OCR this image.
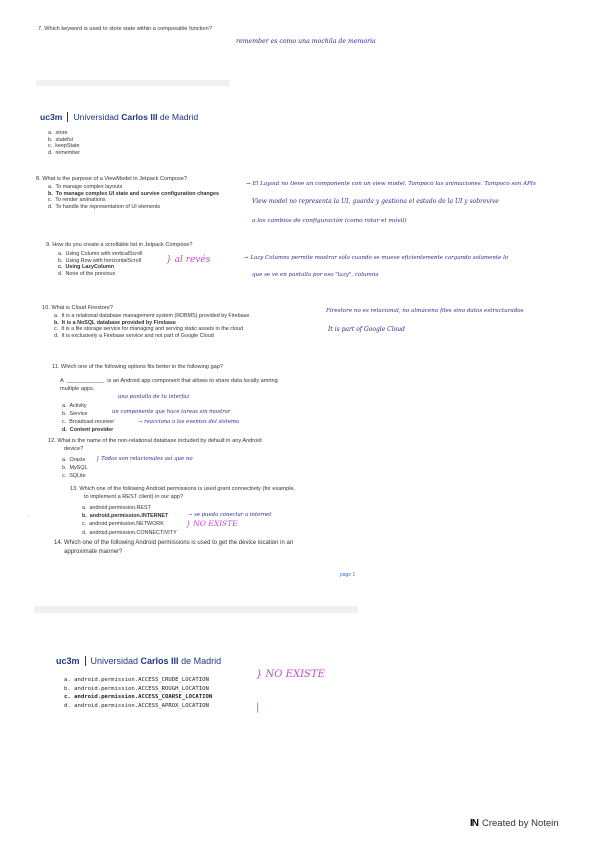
7. Which keyword is used to store state within a composable function?
remember es como una mochila de memoria
uc3m Universidad Carlos III de Madrid
a. store
b. stateful
c. keepState
d. remember
8. What is the purpose of a ViewModel in Jetpack Compose?
a. To manage complex layouts
b. To manage complex UI state and survive configuration changes
c. To render animations
d. To handle the representation of UI elements
→ El Layout no tiene un componente con un view model. Tampoco las animaciones. Tampoco son APIs
View model no representa la UI, guarda y gestiona el estado de la UI y sobrevive
a los cambios de configuración (como rotar el móvil)
9. How do you create a scrollable list in Jetpack Compose?
a. Using Column with verticalScroll
b. Using Row with horizontalScroll
c. Using LazyColumn
d. None of the previous
} al revés	→ Lazy Columns permite mostrar sólo cuando se mueve eficientemente cargando solamente lo
que se ve en pantalla por eso "lazy", columna
10. What is Cloud Firestore?
a. It is a relational database management system (RDBMS) provided by Firebase
b. It is a NoSQL database provided by Firebase
c. It is a file storage service for managing and serving static assets in the cloud
d. It is exclusively a Firebase service and not part of Google Cloud
Firestore no es relacional, no almacena files sino datos estructurados
It is part of Google Cloud
11. Which one of the following options fits better in the following gap?
A  ____________  is an Android app component that allows to share data locally among
multiple apps.
a. Activity
b. Service
c. Broadcast receiver
d. Content provider
una pantalla de tu interfaz
un componente que hace tareas sin mostrar
→ reacciona a los eventos del sistema
12. What is the name of the non-relational database included by default in any Android
device?
a. Oracle
b. MySQL
c. SQLite
} Todas son relacionales así que no
13. Which one of the following Android permissions is used grant connectivity (for example,
to implement a REST client) in our app?
a. android.permission.REST
b. android.permission.INTERNET
c. android.permission.NETWORK
d. android.permission.CONNECTIVITY
→ se pueda conectar a internet
} NO EXISTE
·
14. Which one of the following Android permissions is used to get the device location in an
approximate manner?
page 1
uc3m Universidad Carlos III de Madrid
a. android.permission.ACCESS_CRUDE_LOCATION
b. android.permission.ACCESS_ROUGH_LOCATION
c. android.permission.ACCESS_COARSE_LOCATION
d. android.permission.ACCESS_APROX_LOCATION
} NO EXISTE
|
IN Created by Notein
